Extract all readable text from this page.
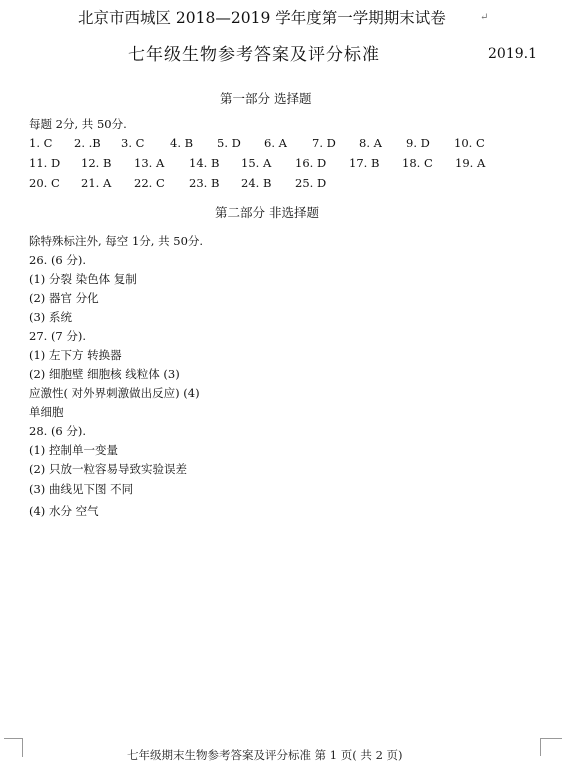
北京市西城区 2018—2019 学年度第一学期期末试卷	↵
七年级生物参考答案及评分标准	2019.1
第一部分 选择题
每题 2分, 共 50分.
1. C 2. .B 3. C 4. B 5. D 6. A 7. D 8. A 9. D 10. C
11. D 12. B 13. A 14. B 15. A 16. D 17. B 18. C 19. A
20. C 21. A 22. C 23. B 24. B 25. D
第二部分 非选择题
除特殊标注外, 每空 1分, 共 50分.
26. (6 分).
(1) 分裂 染色体 复制
(2) 器官 分化
(3) 系统
27. (7 分).
(1) 左下方 转换器
(2) 细胞壁 细胞核 线粒体 (3)
应激性( 对外界刺激做出反应) (4)
单细胞
28. (6 分).
(1) 控制单一变量
(2) 只放一粒容易导致实验误差
(3) 曲线见下图 不同
(4) 水分 空气
七年级期末生物参考答案及评分标准 第 1 页( 共 2 页)
